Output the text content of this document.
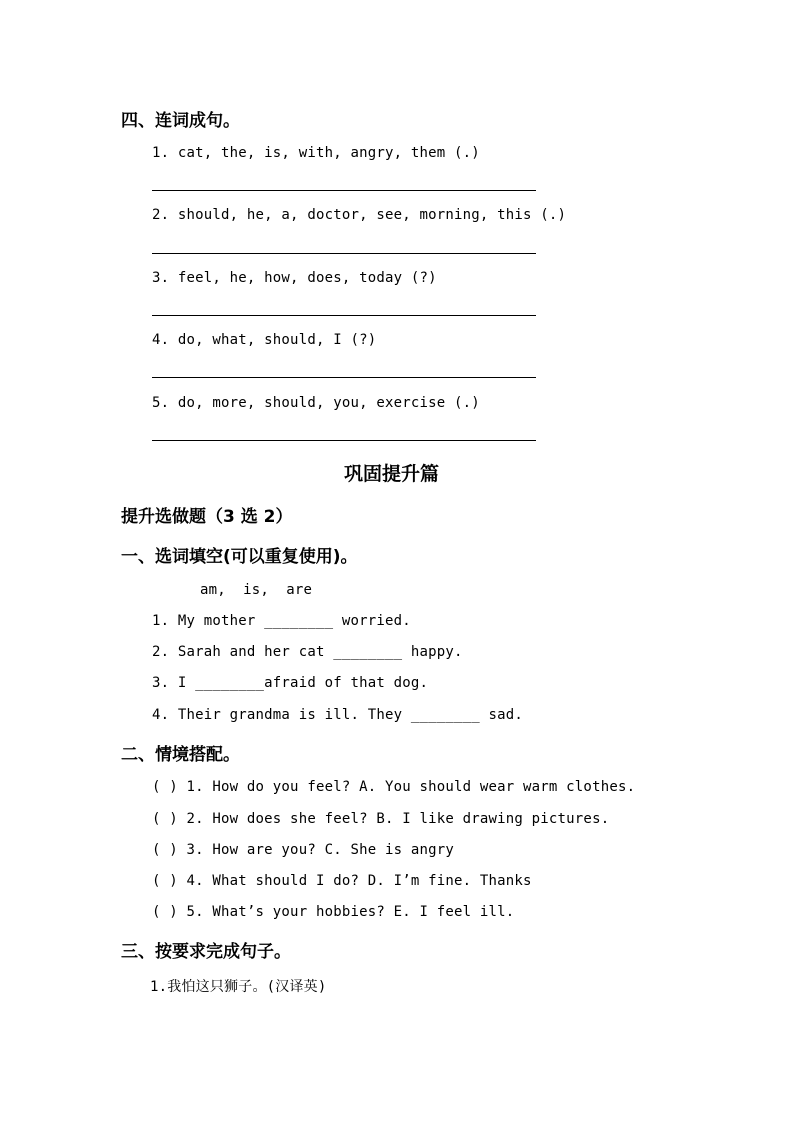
四、连词成句。
1. cat, the, is, with, angry, them (.)
2. should, he, a, doctor, see, morning, this (.)
3. feel, he, how, does, today (?)
4. do, what, should, I (?)
5. do, more, should, you, exercise (.)
巩固提升篇
提升选做题（3 选 2）
一、选词填空(可以重复使用)。
am,  is,  are
1. My mother ________ worried.
2. Sarah and her cat ________ happy.
3. I ________afraid of that dog.
4. Their grandma is ill. They ________ sad.
二、情境搭配。
( ) 1. How do you feel? A. You should wear warm clothes.
( ) 2. How does she feel? B. I like drawing pictures.
( ) 3. How are you? C. She is angry
( ) 4. What should I do? D. I’m fine. Thanks
( ) 5. What’s your hobbies? E. I feel ill.
三、按要求完成句子。
1.我怕这只狮子。(汉译英)
